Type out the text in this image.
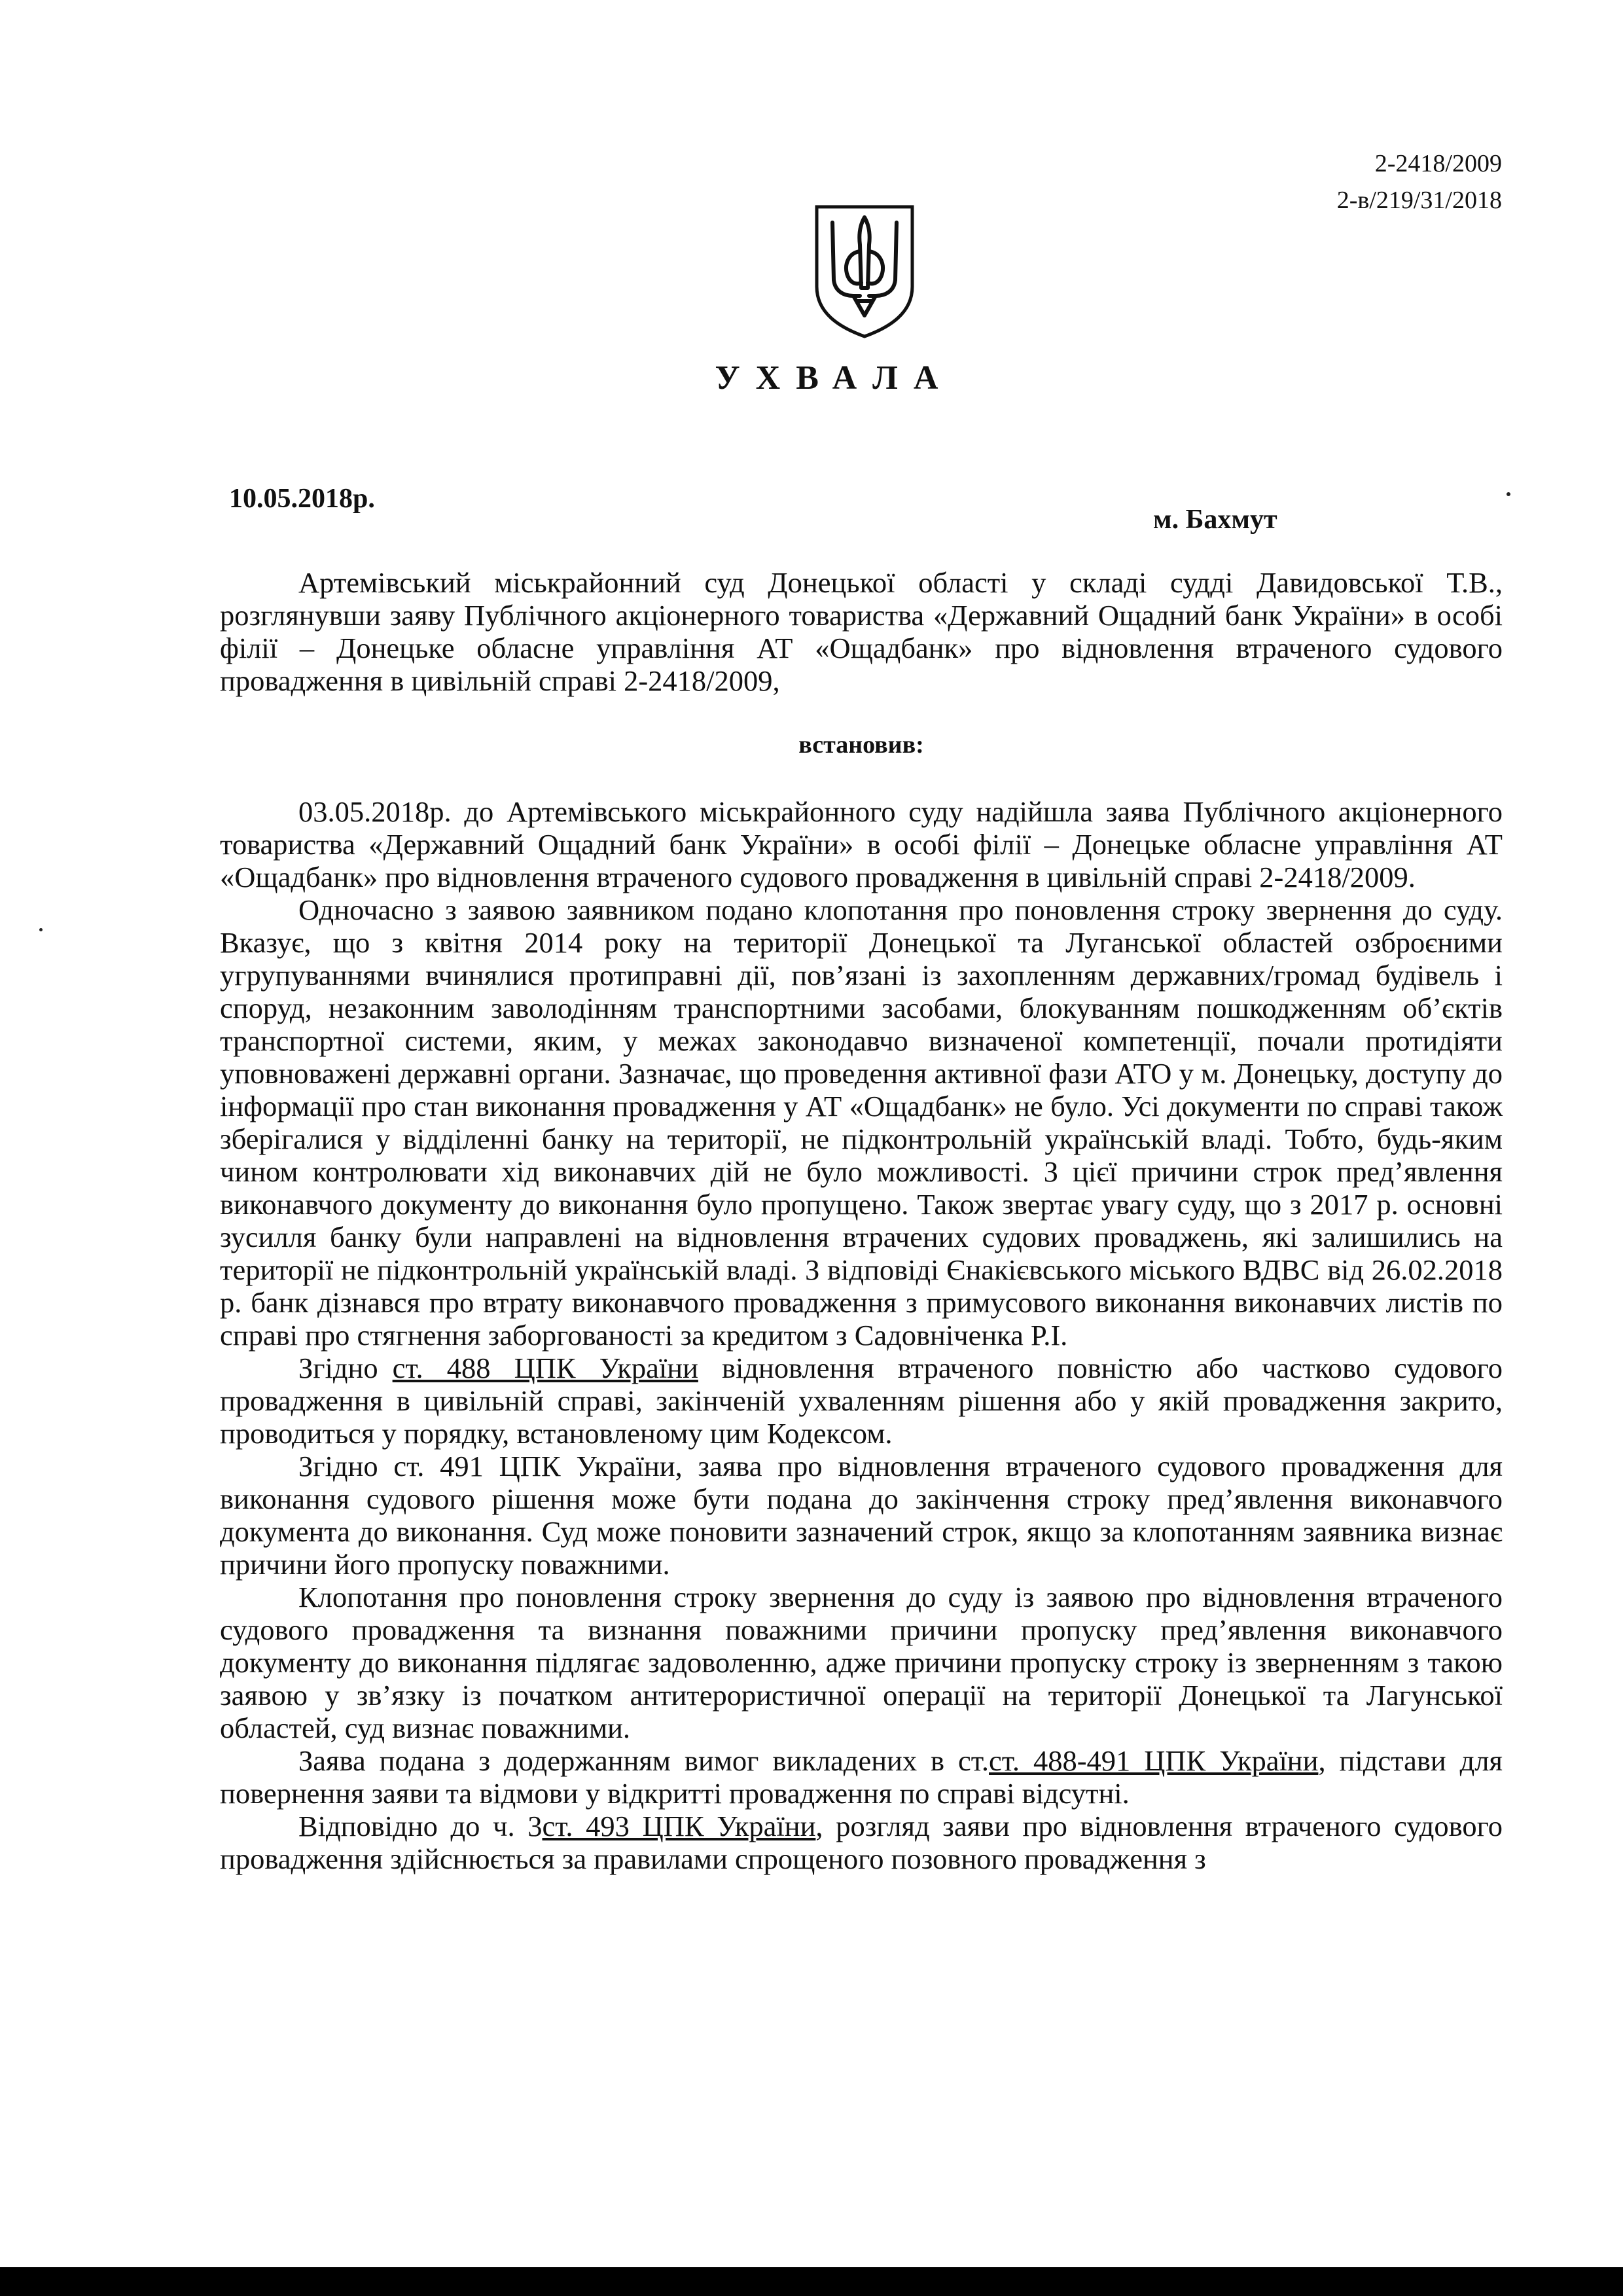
2-2418/2009
2-в/219/31/2018
УХВАЛА
10.05.2018р.
м. Бахмут

Артемівський міськрайонний суд Донецької області у складі судді Давидовської Т.В., розглянувши заяву Публічного акціонерного товариства «Державний Ощадний банк України» в особі філії – Донецьке обласне управління АТ «Ощадбанк» про відновлення втраченого судового провадження в цивільній справі 2-2418/2009,

встановив:

03.05.2018р. до Артемівського міськрайонного суду надійшла заява Публічного акціонерного товариства «Державний Ощадний банк України» в особі філії – Донецьке обласне управління АТ «Ощадбанк» про відновлення втраченого судового провадження в цивільній справі 2-2418/2009.

Одночасно з заявою заявником подано клопотання про поновлення строку звернення до суду. Вказує, що з квітня 2014 року на території Донецької та Луганської областей озброєними угрупуваннями вчинялися протиправні дії, пов’язані із захопленням державних/громад будівель і споруд, незаконним заволодінням транспортними засобами, блокуванням пошкодженням об’єктів транспортної системи, яким, у межах законодавчо визначеної компетенції, почали протидіяти уповноважені державні органи. Зазначає, що проведення активної фази АТО у м. Донецьку, доступу до інформації про стан виконання провадження у АТ «Ощадбанк» не було. Усі документи по справі також зберігалися у відділенні банку на території, не підконтрольній українській владі. Тобто, будь-яким чином контролювати хід виконавчих дій не було можливості. З цієї причини строк пред’явлення виконавчого документу до виконання було пропущено. Також звертає увагу суду, що з 2017 р. основні зусилля банку були направлені на відновлення втрачених судових проваджень, які залишились на території не підконтрольній українській владі. З відповіді Єнакієвського міського ВДВС від 26.02.2018 р. банк дізнався про втрату виконавчого провадження з примусового виконання виконавчих листів по справі про стягнення заборгованості за кредитом з Садовніченка Р.І.

Згідно ст. 488 ЦПК України відновлення втраченого повністю або частково судового провадження в цивільній справі, закінченій ухваленням рішення або у якій провадження закрито, проводиться у порядку, встановленому цим Кодексом.

Згідно ст. 491 ЦПК України, заява про відновлення втраченого судового провадження для виконання судового рішення може бути подана до закінчення строку пред’явлення виконавчого документа до виконання. Суд може поновити зазначений строк, якщо за клопотанням заявника визнає причини його пропуску поважними.

Клопотання про поновлення строку звернення до суду із заявою про відновлення втраченого судового провадження та визнання поважними причини пропуску пред’явлення виконавчого документу до виконання підлягає задоволенню, адже причини пропуску строку із зверненням з такою заявою у зв’язку із початком антитерористичної операції на території Донецької та Лагунської областей, суд визнає поважними.

Заява подана з додержанням вимог викладених в ст.ст. 488-491 ЦПК України, підстави для повернення заяви та відмови у відкритті провадження по справі відсутні.

Відповідно до ч. 3ст. 493 ЦПК України, розгляд заяви про відновлення втраченого судового провадження здійснюється за правилами спрощеного позовного провадження з
